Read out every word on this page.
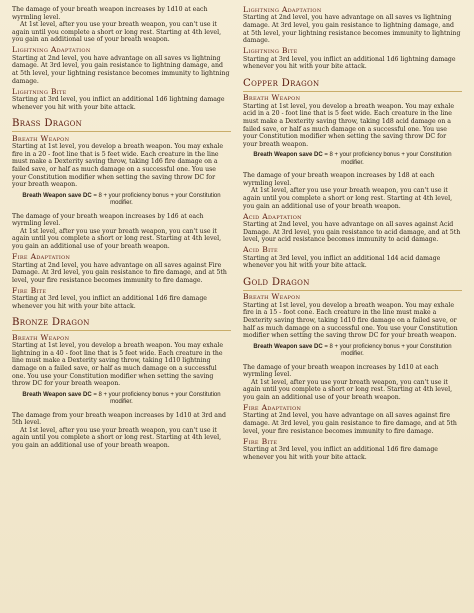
The damage of your breath weapon increases by 1d10 at each wyrmling level.

At 1st level, after you use your breath weapon, you can't use it again until you complete a short or long rest. Starting at 4th level, you gain an additional use of your breath weapon.

Lightning Adaptation

Starting at 2nd level, you have advantage on all saves vs lightning damage. At 3rd level, you gain resistance to lightning damage, and at 5th level, your lightning resistance becomes immunity to lightning damage.

Lightning Bite

Starting at 3rd level, you inflict an additional 1d6 lightning damage whenever you hit with your bite attack.

Brass Dragon
Breath Weapon

Starting at 1st level, you develop a breath weapon. You may exhale fire in a 20 - foot line that is 5 feet wide. Each creature in the line must make a Dexterity saving throw, taking 1d6 fire damage on a failed save, or half as much damage on a successful one. You use your Constitution modifier when setting the saving throw DC for your breath weapon.

Breath Weapon save DC = 8 + your proficiency bonus + your Constitution modifier.

The damage of your breath weapon increases by 1d6 at each wyrmling level.

At 1st level, after you use your breath weapon, you can't use it again until you complete a short or long rest. Starting at 4th level, you gain an additional use of your breath weapon.

Fire Adaptation

Starting at 2nd level, you have advantage on all saves against Fire Damage. At 3rd level, you gain resistance to fire damage, and at 5th level, your fire resistance becomes immunity to fire damage.

Fire Bite

Starting at 3rd level, you inflict an additional 1d6 fire damage whenever you hit with your bite attack.

Bronze Dragon
Breath Weapon

Starting at 1st level, you develop a breath weapon. You may exhale lightning in a 40 - foot line that is 5 feet wide. Each creature in the line must make a Dexterity saving throw, taking 1d10 lightning damage on a failed save, or half as much damage on a successful one. You use your Constitution modifier when setting the saving throw DC for your breath weapon.

Breath Weapon save DC = 8 + your proficiency bonus + your Constitution modifier.

The damage from your breath weapon increases by 1d10 at 3rd and 5th level.

At 1st level, after you use your breath weapon, you can't use it again until you complete a short or long rest. Starting at 4th level, you gain an additional use of your breath weapon.

Lightning Adaptation

Starting at 2nd level, you have advantage on all saves vs lightning damage. At 3rd level, you gain resistance to lightning damage, and at 5th level, your lightning resistance becomes immunity to lightning damage.

Lightning Bite

Starting at 3rd level, you inflict an additional 1d6 lightning damage whenever you hit with your bite attack.

Copper Dragon
Breath Weapon

Starting at 1st level, you develop a breath weapon. You may exhale acid in a 20 - foot line that is 5 feet wide. Each creature in the line must make a Dexterity saving throw, taking 1d8 acid damage on a failed save, or half as much damage on a successful one. You use your Constitution modifier when setting the saving throw DC for your breath weapon.

Breath Weapon save DC = 8 + your proficiency bonus + your Constitution modifier.

The damage of your breath weapon increases by 1d8 at each wyrmling level.

At 1st level, after you use your breath weapon, you can't use it again until you complete a short or long rest. Starting at 4th level, you gain an additional use of your breath weapon.

Acid Adaptation

Starting at 2nd level, you have advantage on all saves against Acid Damage. At 3rd level, you gain resistance to acid damage, and at 5th level, your acid resistance becomes immunity to acid damage.

Acid Bite

Starting at 3rd level, you inflict an additional 1d4 acid damage whenever you hit with your bite attack.

Gold Dragon
Breath Weapon

Starting at 1st level, you develop a breath weapon. You may exhale fire in a 15 - foot cone. Each creature in the line must make a Dexterity saving throw, taking 1d10 fire damage on a failed save, or half as much damage on a successful one. You use your Constitution modifier when setting the saving throw DC for your breath weapon.

Breath Weapon save DC = 8 + your proficiency bonus + your Constitution modifier.

The damage of your breath weapon increases by 1d10 at each wyrmling level.

At 1st level, after you use your breath weapon, you can't use it again until you complete a short or long rest. Starting at 4th level, you gain an additional use of your breath weapon.

Fire Adaptation

Starting at 2nd level, you have advantage on all saves against fire damage. At 3rd level, you gain resistance to fire damage, and at 5th level, your fire resistance becomes immunity to fire damage.

Fire Bite

Starting at 3rd level, you inflict an additional 1d6 fire damage whenever you hit with your bite attack.
